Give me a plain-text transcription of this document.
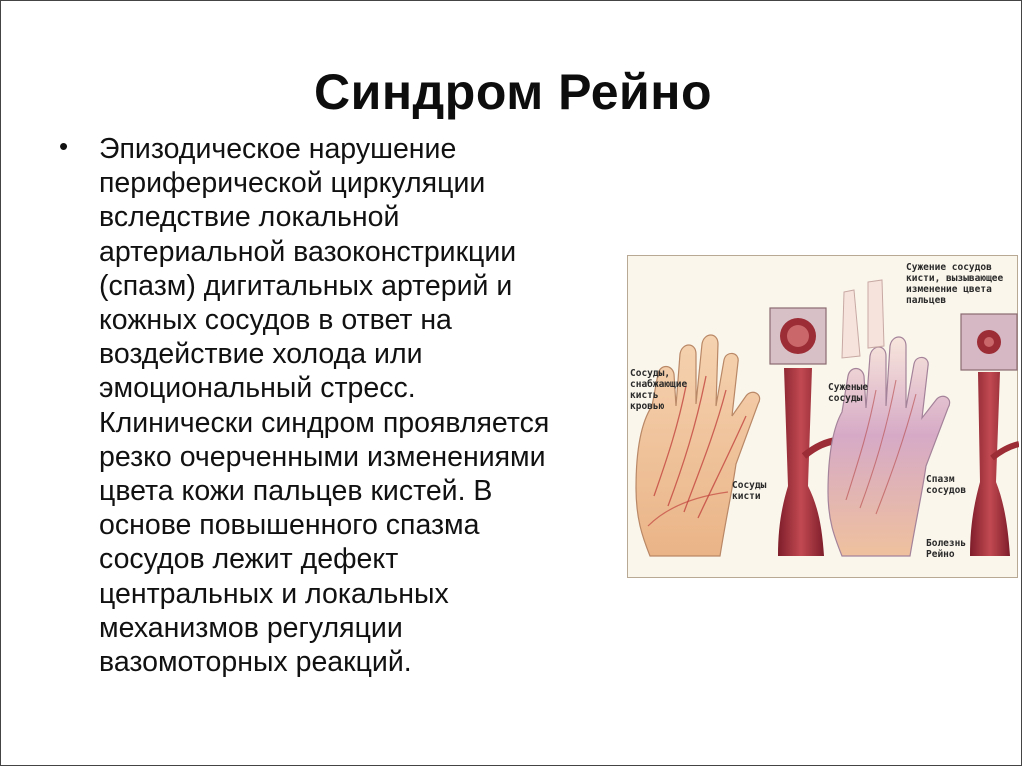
Синдром Рейно
• Эпизодическое нарушение
периферической циркуляции
вследствие локальной
артериальной вазоконстрикции
(спазм) дигитальных артерий и
кожных сосудов в ответ на
воздействие холода или
эмоциональный стресс.
Клинически синдром проявляется
резко очерченными изменениями
цвета кожи пальцев кистей. В
основе повышенного спазма
сосудов лежит дефект
центральных и локальных
механизмов регуляции
вазомоторных реакций.
Сосуды,
снабжающие
кисть
кровью
Сосуды
кисти
Сужение сосудов
кисти, вызывающее
изменение цвета
пальцев
Суженые
сосуды
Спазм
сосудов
Болезнь
Рейно
